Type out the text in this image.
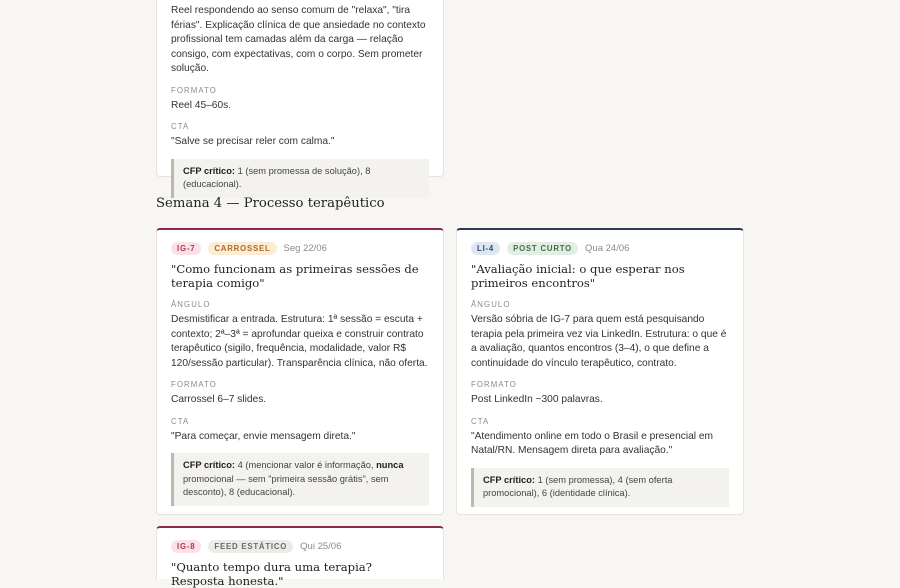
Reel respondendo ao senso comum de "relaxa", "tira férias". Explicação clínica de que ansiedade no contexto profissional tem camadas além da carga — relação consigo, com expectativas, com o corpo. Sem prometer solução.
FORMATO
Reel 45–60s.
CTA
"Salve se precisar reler com calma."
CFP crítico: 1 (sem promessa de solução), 8 (educacional).
Semana 4 — Processo terapêutico
IG-7	CARROSSEL	Seg 22/06
"Como funcionam as primeiras sessões de terapia comigo"
ÂNGULO
Desmistificar a entrada. Estrutura: 1ª sessão = escuta + contexto; 2ª–3ª = aprofundar queixa e construir contrato terapêutico (sigilo, frequência, modalidade, valor R$ 120/sessão particular). Transparência clínica, não oferta.
FORMATO
Carrossel 6–7 slides.
CTA
"Para começar, envie mensagem direta."
CFP crítico: 4 (mencionar valor é informação, nunca promocional — sem "primeira sessão grátis", sem desconto), 8 (educacional).
LI-4	POST CURTO	Qua 24/06
"Avaliação inicial: o que esperar nos primeiros encontros"
ÂNGULO
Versão sóbria de IG-7 para quem está pesquisando terapia pela primeira vez via LinkedIn. Estrutura: o que é a avaliação, quantos encontros (3–4), o que define a continuidade do vínculo terapêutico, contrato.
FORMATO
Post LinkedIn ~300 palavras.
CTA
"Atendimento online em todo o Brasil e presencial em Natal/RN. Mensagem direta para avaliação."
CFP crítico: 1 (sem promessa), 4 (sem oferta promocional), 6 (identidade clínica).
IG-8	FEED ESTÁTICO	Qui 25/06
"Quanto tempo dura uma terapia? Resposta honesta."
